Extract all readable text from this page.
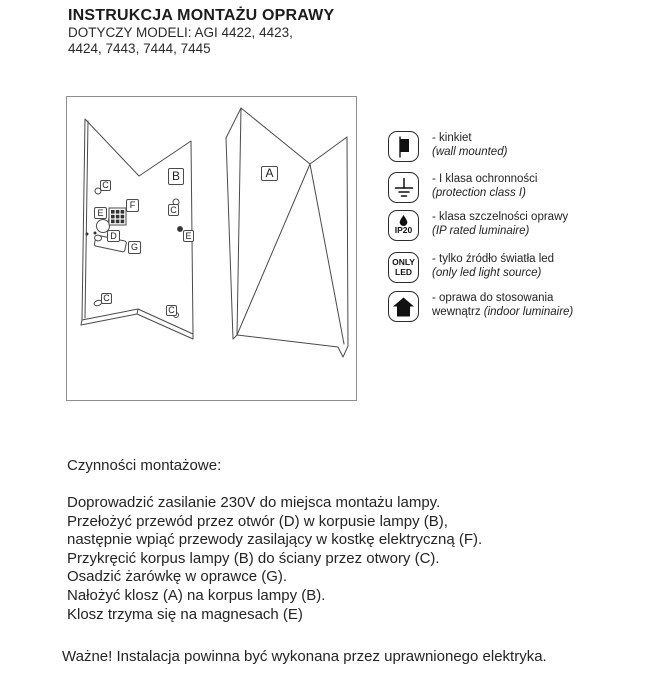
INSTRUKCJA MONTAŻU OPRAWY
DOTYCZY MODELI: AGI 4422, 4423,
4424, 7443, 7444, 7445
A
B
C
C
C
C
E
E
F
D
G
- kinkiet
(wall mounted)
- I klasa ochronności
(protection class I)
IP20
- klasa szczelności oprawy
(IP rated luminaire)
ONLY
LED
- tylko źródło światła led
(only led light source)
- oprawa do stosowania
wewnątrz (indoor luminaire)
Czynności montażowe:
Doprowadzić zasilanie 230V do miejsca montażu lampy.
Przełożyć przewód przez otwór (D) w korpusie lampy (B),
następnie wpiąć przewody zasilający w kostkę elektryczną (F).
Przykręcić korpus lampy (B) do ściany przez otwory (C).
Osadzić żarówkę w oprawce (G).
Nałożyć klosz (A) na korpus lampy (B).
Klosz trzyma się na magnesach (E)
Ważne! Instalacja powinna być wykonana przez uprawnionego elektryka.
